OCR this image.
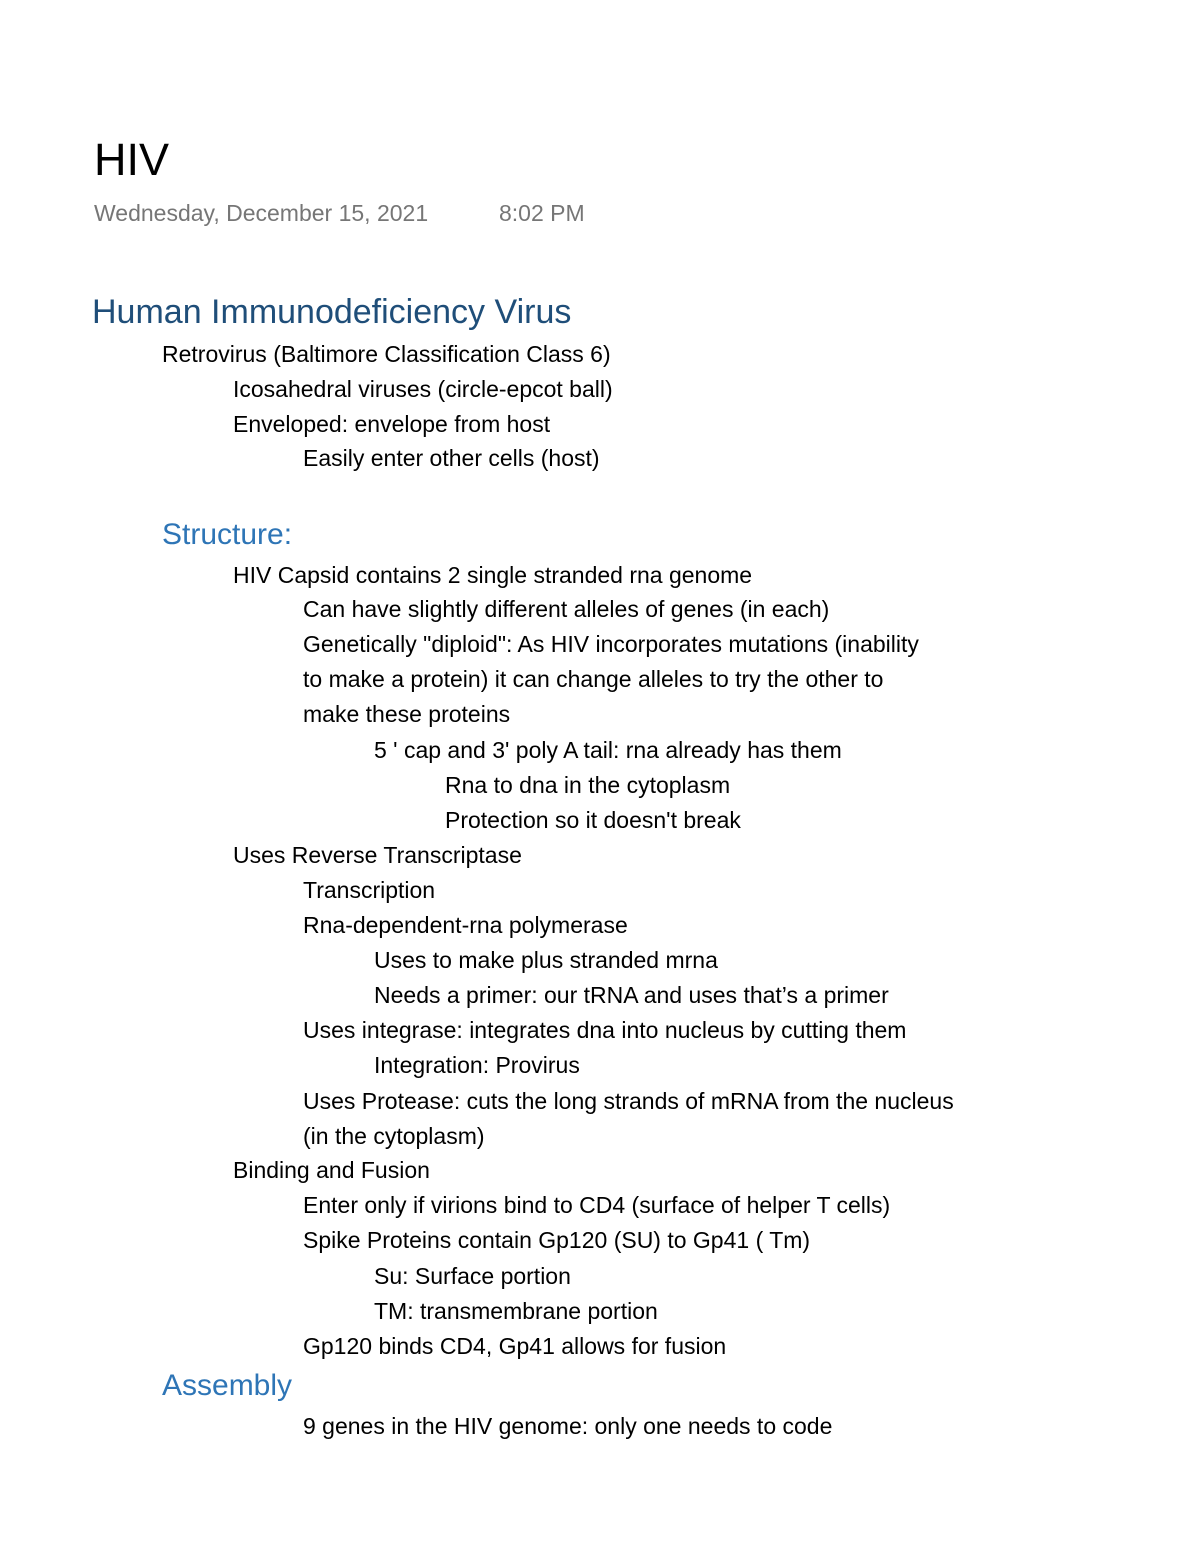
HIV
Wednesday, December 15, 2021	8:02 PM
Human Immunodeficiency Virus
Retrovirus (Baltimore Classification Class 6)
Icosahedral viruses (circle-epcot ball)
Enveloped: envelope from host
Easily enter other cells (host)
Structure:
HIV Capsid contains 2 single stranded rna genome
Can have slightly different alleles of genes (in each)
Genetically "diploid": As HIV incorporates mutations (inability
to make a protein) it can change alleles to try the other to
make these proteins
5 ' cap and 3' poly A tail: rna already has them
Rna to dna in the cytoplasm
Protection so it doesn't break
Uses Reverse Transcriptase
Transcription
Rna-dependent-rna polymerase
Uses to make plus stranded mrna
Needs a primer: our tRNA and uses that’s a primer
Uses integrase: integrates dna into nucleus by cutting them
Integration: Provirus
Uses Protease: cuts the long strands of mRNA from the nucleus
(in the cytoplasm)
Binding and Fusion
Enter only if virions bind to CD4 (surface of helper T cells)
Spike Proteins contain Gp120 (SU) to Gp41 ( Tm)
Su: Surface portion
TM: transmembrane portion
Gp120 binds CD4, Gp41 allows for fusion
Assembly
9 genes in the HIV genome: only one needs to code
